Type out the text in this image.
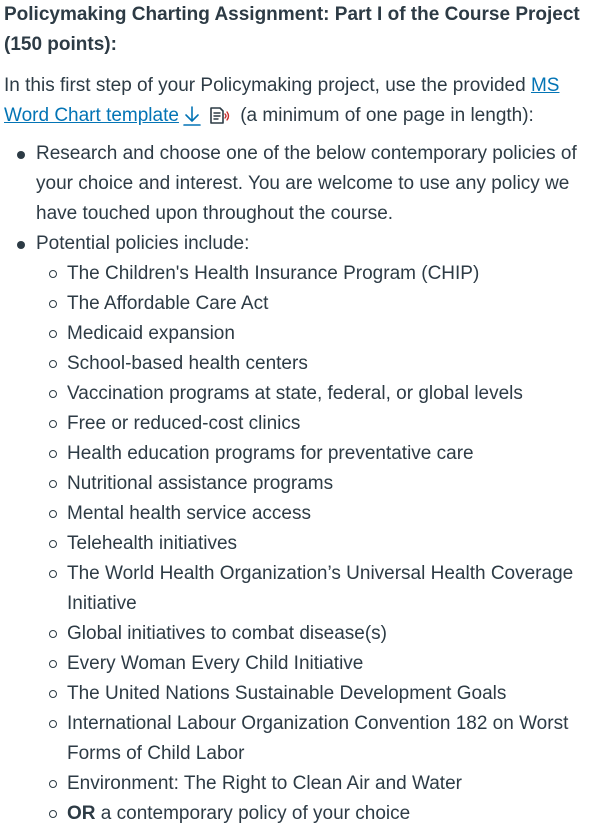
Policymaking Charting Assignment: Part I of the Course Project (150 points):

In this first step of your Policymaking project, use the provided MS Word Chart template	(a minimum of one page in length):

Research and choose one of the below contemporary policies of your choice and interest. You are welcome to use any policy we have touched upon throughout the course.
Potential policies include:
The Children's Health Insurance Program (CHIP)
The Affordable Care Act
Medicaid expansion
School-based health centers
Vaccination programs at state, federal, or global levels
Free or reduced-cost clinics
Health education programs for preventative care
Nutritional assistance programs
Mental health service access
Telehealth initiatives
The World Health Organization’s Universal Health Coverage Initiative
Global initiatives to combat disease(s)
Every Woman Every Child Initiative
The United Nations Sustainable Development Goals
International Labour Organization Convention 182 on Worst Forms of Child Labor
Environment: The Right to Clean Air and Water
OR a contemporary policy of your choice
